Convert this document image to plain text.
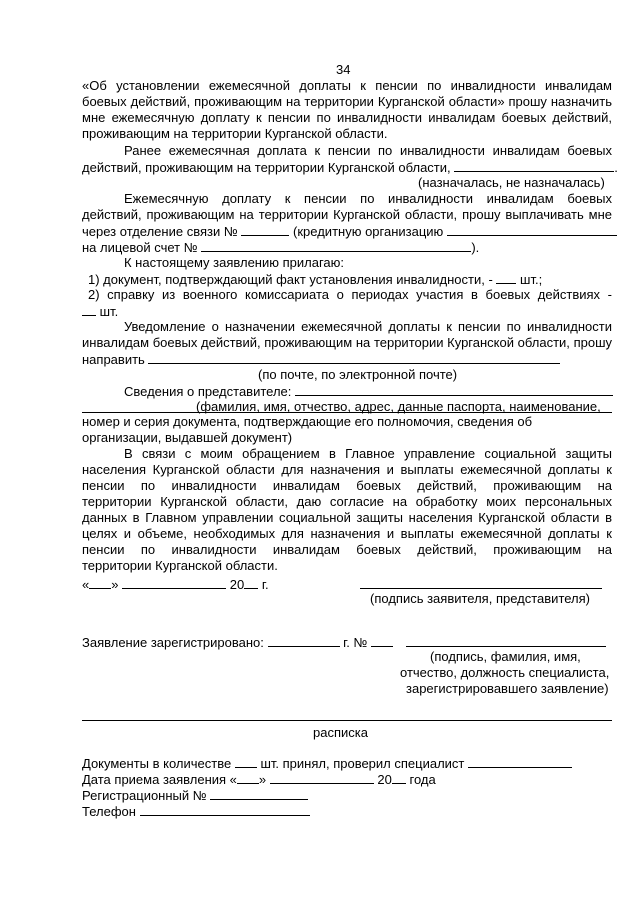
34
«Об установлении ежемесячной доплаты к пенсии по инвалидности инвалидам
боевых действий, проживающим на территории Курганской области» прошу назначить
мне ежемесячную доплату к пенсии по инвалидности инвалидам боевых действий,
проживающим на территории Курганской области.
Ранее ежемесячная доплата к пенсии по инвалидности инвалидам боевых
действий, проживающим на территории Курганской области,	.
(назначалась, не назначалась)
Ежемесячную доплату к пенсии по инвалидности инвалидам боевых
действий, проживающим на территории Курганской области, прошу выплачивать мне
через отделение связи №	(кредитную организацию
на лицевой счет №	).
К настоящему заявлению прилагаю:
1) документ, подтверждающий факт установления инвалидности, - шт.;
2) справку из военного комиссариата о периодах участия в боевых действиях -
шт.
Уведомление о назначении ежемесячной доплаты к пенсии по инвалидности
инвалидам боевых действий, проживающим на территории Курганской области, прошу
направить
(по почте, по электронной почте)
Сведения о представителе:
(фамилия, имя, отчество, адрес, данные паспорта, наименование,
номер и серия документа, подтверждающие его полномочия, сведения об
организации, выдавшей документ)
В связи с моим обращением в Главное управление социальной защиты
населения Курганской области для назначения и выплаты ежемесячной доплаты к
пенсии по инвалидности инвалидам боевых действий, проживающим на
территории Курганской области, даю согласие на обработку моих персональных
данных в Главном управлении социальной защиты населения Курганской области в
целях и объеме, необходимых для назначения и выплаты ежемесячной доплаты к
пенсии по инвалидности инвалидам боевых действий, проживающим на
территории Курганской области.
« »	20 г.
(подпись заявителя, представителя)
Заявление зарегистрировано:	г. №
(подпись, фамилия, имя,
отчество, должность специалиста,
зарегистрировавшего заявление)
расписка
Документы в количестве шт. принял, проверил специалист
Дата приема заявления « »	20 года
Регистрационный №
Телефон
